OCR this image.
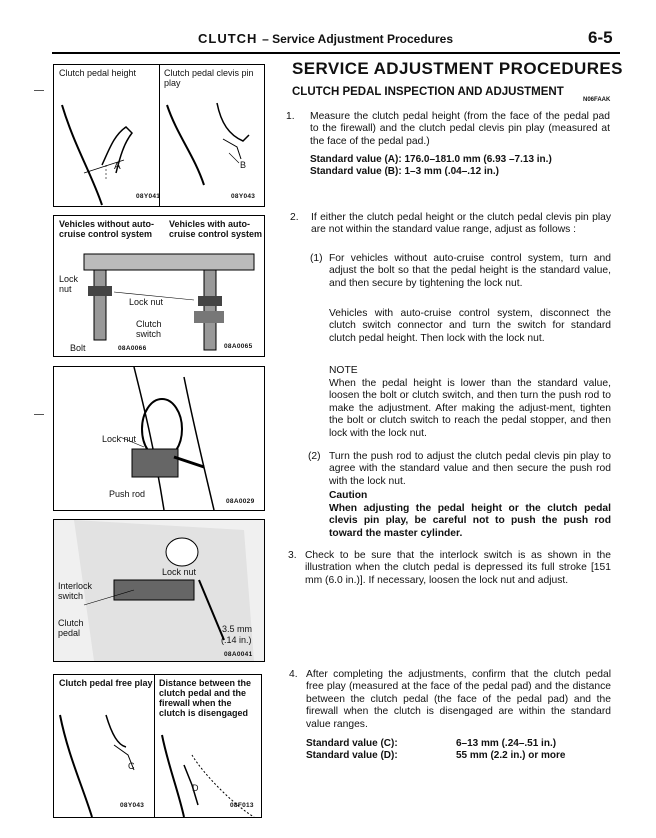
CLUTCH – Service Adjustment Procedures	6-5
Clutch pedal height	Clutch pedal clevis pin play
A
08Y041
B
08Y043
Vehicles without auto-cruise control system
Vehicles with auto-cruise control system
Lock nut
Lock nut
Clutch switch
Bolt	08A0066	08A0065
Lock nut
Push rod
08A0029
Lock nut
Interlock switch
Clutch pedal	3.5 mm
(.14 in.)
08A0041
Clutch pedal free play Distance between the clutch pedal and the firewall when the clutch is disengaged
C
08Y043
D
08F013
SERVICE ADJUSTMENT PROCEDURES
CLUTCH PEDAL INSPECTION AND ADJUSTMENT
N06FAAK
1. Measure the clutch pedal height (from the face of the pedal pad to the firewall) and the clutch pedal clevis pin play (measured at the face of the pedal pad.)
Standard value (A): 176.0–181.0 mm (6.93 –7.13 in.)
Standard value (B): 1–3 mm (.04–.12 in.)
2. If either the clutch pedal height or the clutch pedal clevis pin play are not within the standard value range, adjust as follows :
(1) For vehicles without auto-cruise control system, turn and adjust the bolt so that the pedal height is the standard value, and then secure by tightening the lock nut.
Vehicles with auto-cruise control system, disconnect the clutch switch connector and turn the switch for standard clutch pedal height. Then lock with the lock nut.
NOTE
When the pedal height is lower than the standard value, loosen the bolt or clutch switch, and then turn the push rod to make the adjustment. After making the adjust-ment, tighten the bolt or clutch switch to reach the pedal stopper, and then lock with the lock nut.
(2) Turn the push rod to adjust the clutch pedal clevis pin play to agree with the standard value and then secure the push rod with the lock nut.
Caution
When adjusting the pedal height or the clutch pedal clevis pin play, be careful not to push the push rod toward the master cylinder.
3. Check to be sure that the interlock switch is as shown in the illustration when the clutch pedal is depressed its full stroke [151 mm (6.0 in.)]. If necessary, loosen the lock nut and adjust.
4. After completing the adjustments, confirm that the clutch pedal free play (measured at the face of the pedal pad) and the distance between the clutch pedal (the face of the pedal pad) and the firewall when the clutch is disengaged are within the standard value ranges.
Standard value (C):	6–13 mm (.24–.51 in.)
Standard value (D):	55 mm (2.2 in.) or more
